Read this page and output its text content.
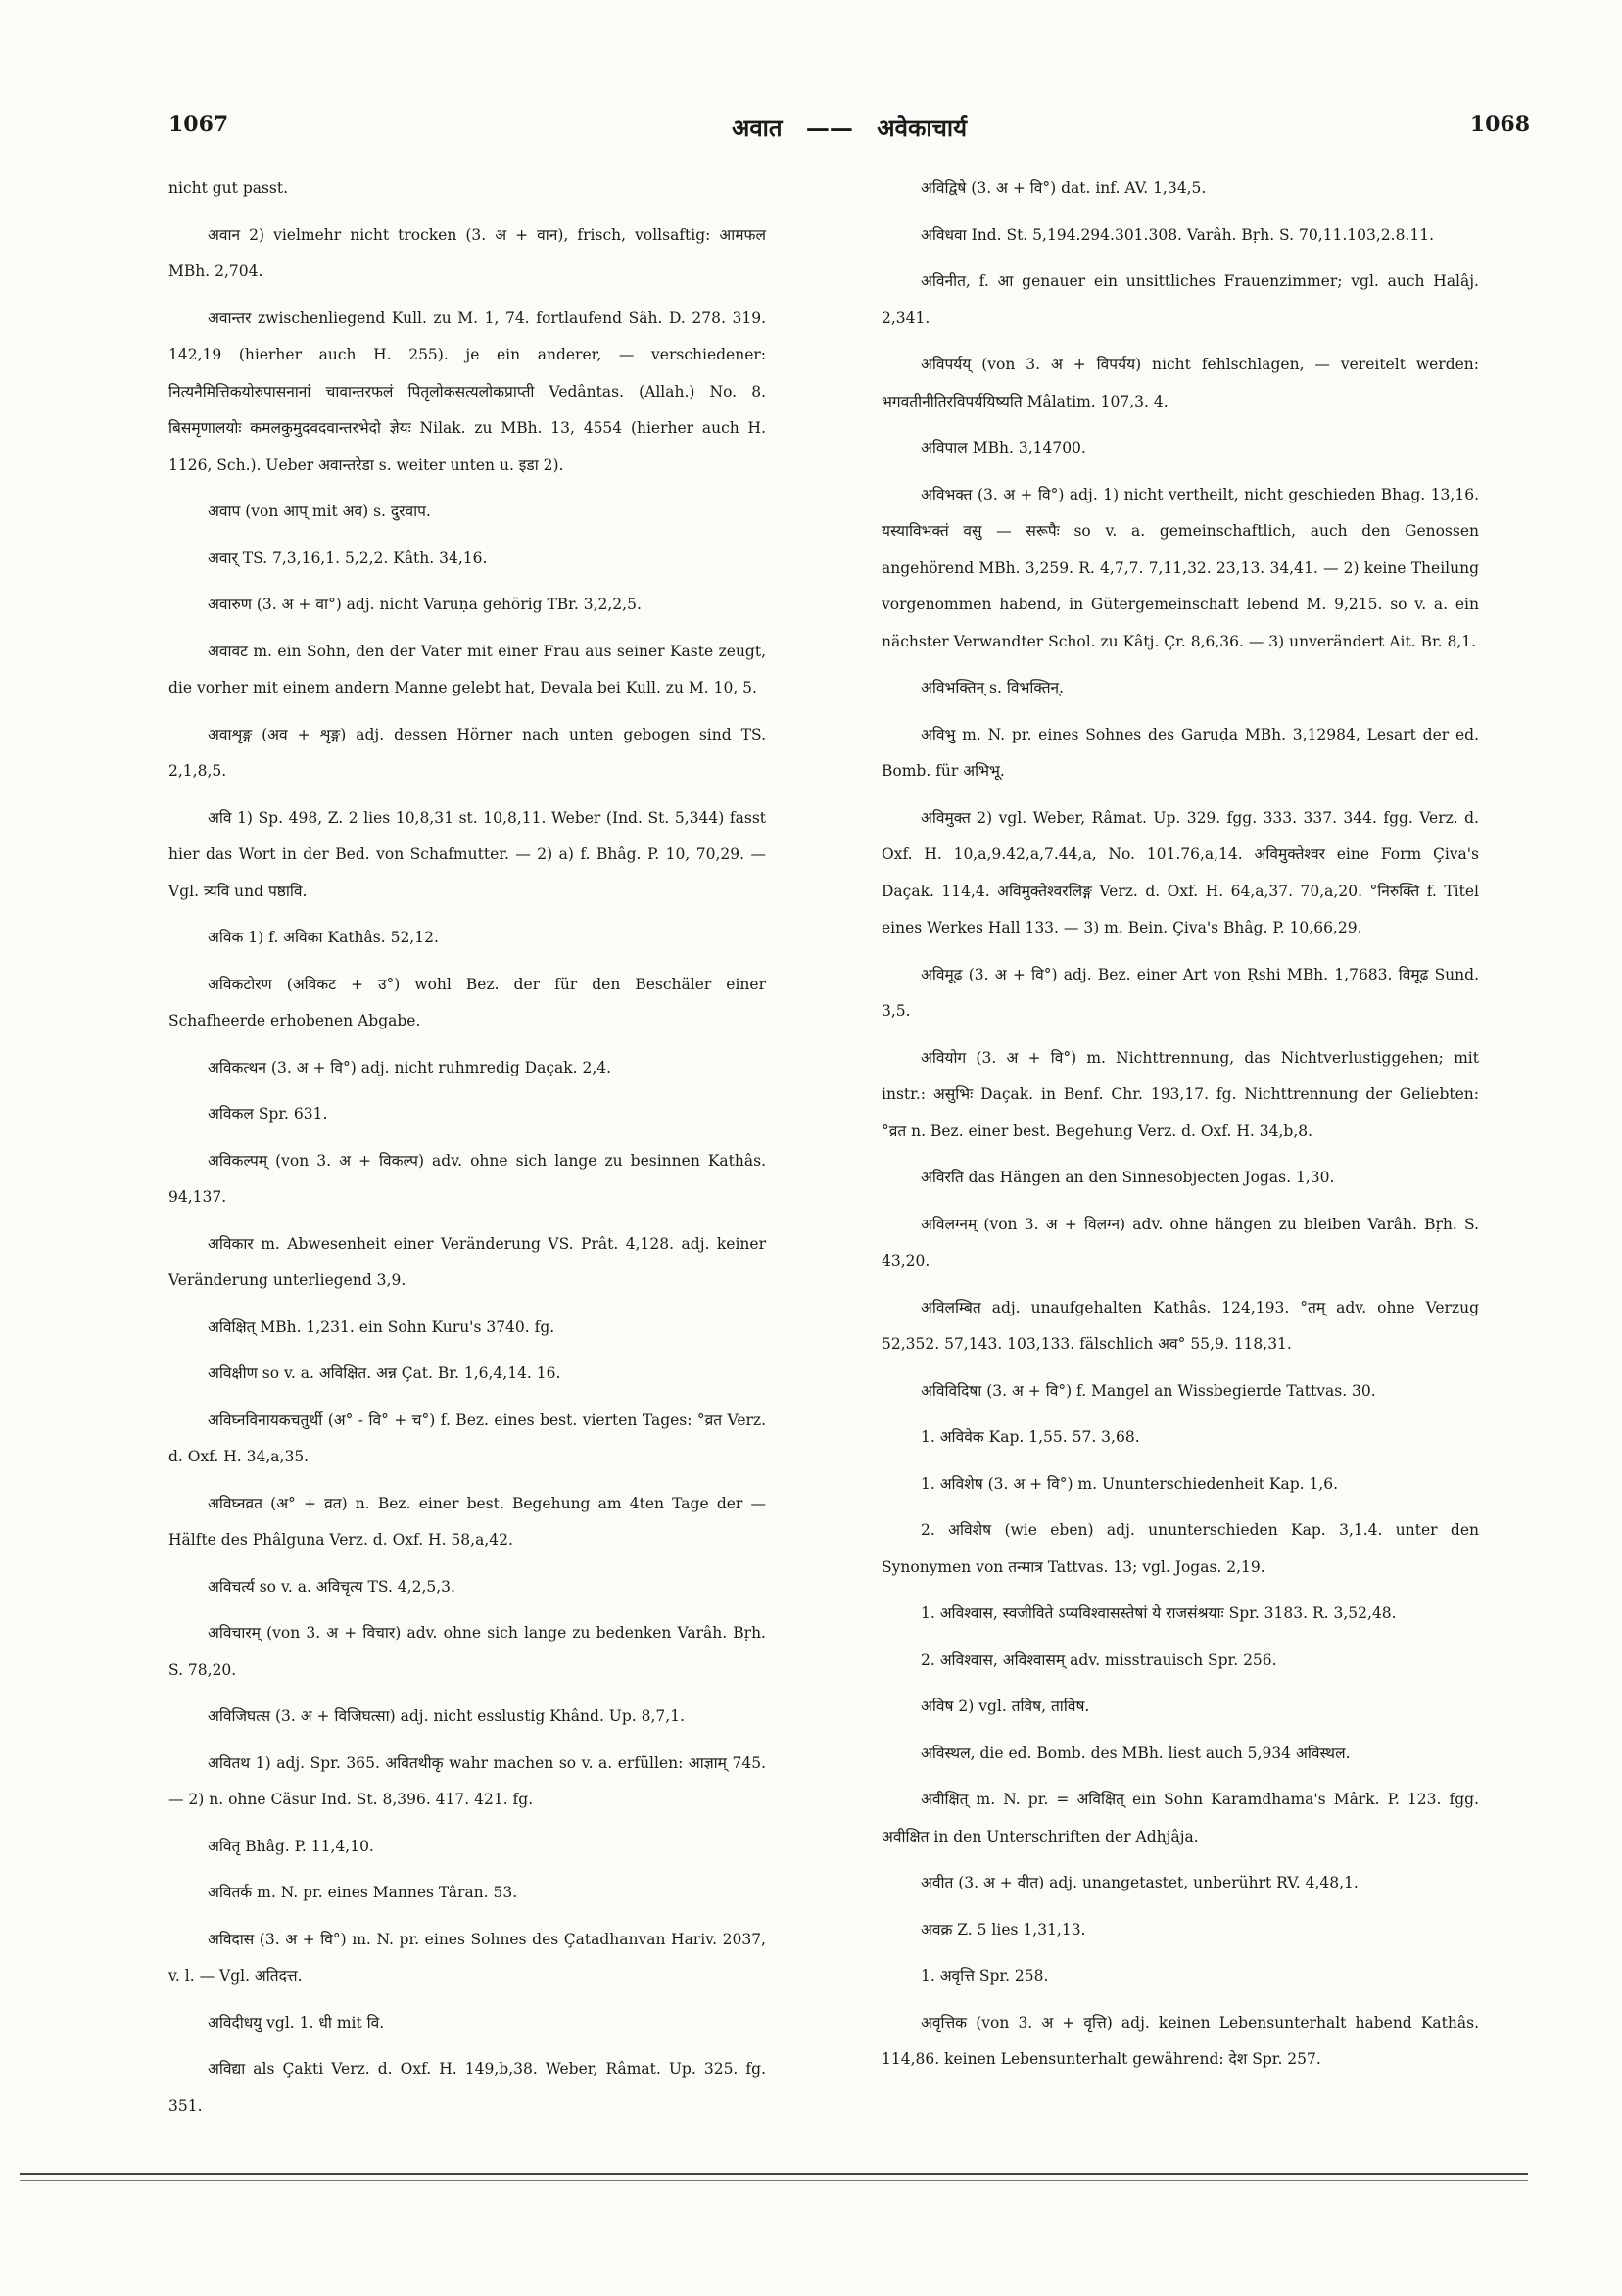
1067	अवात —— अवेकाचार्य	1068

nicht gut passt.

अवान 2) vielmehr nicht trocken (3. अ + वान), frisch, vollsaftig: आमफल MBh. 2,704.

अवान्तर zwischenliegend Kull. zu M. 1, 74. fortlaufend Sâh. D. 278. 319. 142,19 (hierher auch H. 255). je ein anderer, — verschiedener: नित्यनैमित्तिकयोरुपासनानां चावान्तरफलं पितृलोकसत्यलोकप्राप्ती Vedântas. (Allah.) No. 8. बिसमृणालयोः कमलकुमुदवदवान्तरभेदो ज्ञेयः Nilak. zu MBh. 13, 4554 (hierher auch H. 1126, Sch.). Ueber अवान्तरेडा s. weiter unten u. इडा 2).

अवाप (von आप् mit अव) s. दुरवाप.

अवार् TS. 7,3,16,1. 5,2,2. Kâth. 34,16.

अवारुण (3. अ + वा°) adj. nicht Varuṇa gehörig TBr. 3,2,2,5.

अवावट m. ein Sohn, den der Vater mit einer Frau aus seiner Kaste zeugt, die vorher mit einem andern Manne gelebt hat, Devala bei Kull. zu M. 10, 5.

अवाशृङ्ग (अव + शृङ्ग) adj. dessen Hörner nach unten gebogen sind TS. 2,1,8,5.

अवि 1) Sp. 498, Z. 2 lies 10,8,31 st. 10,8,11. Weber (Ind. St. 5,344) fasst hier das Wort in der Bed. von Schafmutter. — 2) a) f. Bhâg. P. 10, 70,29. — Vgl. त्र्यवि und पष्ठावि.

अविक 1) f. अविका Kathâs. 52,12.

अविकटोरण (अविकट + उ°) wohl Bez. der für den Beschäler einer Schafheerde erhobenen Abgabe.

अविकत्थन (3. अ + वि°) adj. nicht ruhmredig Daçak. 2,4.

अविकल Spr. 631.

अविकल्पम् (von 3. अ + विकल्प) adv. ohne sich lange zu besinnen Kathâs. 94,137.

अविकार m. Abwesenheit einer Veränderung VS. Prât. 4,128. adj. keiner Veränderung unterliegend 3,9.

अविक्षित् MBh. 1,231. ein Sohn Kuru's 3740. fg.

अविक्षीण so v. a. अविक्षित. अन्न Çat. Br. 1,6,4,14. 16.

अविघ्नविनायकचतुर्थी (अ° - वि° + च°) f. Bez. eines best. vierten Tages: °व्रत Verz. d. Oxf. H. 34,a,35.

अविघ्नव्रत (अ° + व्रत) n. Bez. einer best. Begehung am 4ten Tage der — Hälfte des Phâlguna Verz. d. Oxf. H. 58,a,42.

अविचर्त्य so v. a. अविचृत्य TS. 4,2,5,3.

अविचारम् (von 3. अ + विचार) adv. ohne sich lange zu bedenken Varâh. Bṛh. S. 78,20.

अविजिघत्स (3. अ + विजिघत्सा) adj. nicht esslustig Khând. Up. 8,7,1.

अवितथ 1) adj. Spr. 365. अवितथीकृ wahr machen so v. a. erfüllen: आज्ञाम् 745. — 2) n. ohne Cäsur Ind. St. 8,396. 417. 421. fg.

अवितृ Bhâg. P. 11,4,10.

अवितर्क m. N. pr. eines Mannes Târan. 53.

अविदास (3. अ + वि°) m. N. pr. eines Sohnes des Çatadhanvan Hariv. 2037, v. l. — Vgl. अतिदत्त.

अविदीधयु vgl. 1. धी mit वि.

अविद्या als Çakti Verz. d. Oxf. H. 149,b,38. Weber, Râmat. Up. 325. fg. 351.

अविद्विषे (3. अ + वि°) dat. inf. AV. 1,34,5.

अविधवा Ind. St. 5,194.294.301.308. Varâh. Bṛh. S. 70,11.103,2.8.11.

अविनीत, f. आ genauer ein unsittliches Frauenzimmer; vgl. auch Halâj. 2,341.

अविपर्यय् (von 3. अ + विपर्यय) nicht fehlschlagen, — vereitelt werden: भगवतीनीतिरविपर्ययिष्यति Mâlatim. 107,3. 4.

अविपाल MBh. 3,14700.

अविभक्त (3. अ + वि°) adj. 1) nicht vertheilt, nicht geschieden Bhag. 13,16. यस्याविभक्तं वसु — सरूपैः so v. a. gemeinschaftlich, auch den Genossen angehörend MBh. 3,259. R. 4,7,7. 7,11,32. 23,13. 34,41. — 2) keine Theilung vorgenommen habend, in Gütergemeinschaft lebend M. 9,215. so v. a. ein nächster Verwandter Schol. zu Kâtj. Çr. 8,6,36. — 3) unverändert Ait. Br. 8,1.

अविभक्तिन् s. विभक्तिन्.

अविभु m. N. pr. eines Sohnes des Garuḍa MBh. 3,12984, Lesart der ed. Bomb. für अभिभू.

अविमुक्त 2) vgl. Weber, Râmat. Up. 329. fgg. 333. 337. 344. fgg. Verz. d. Oxf. H. 10,a,9.42,a,7.44,a, No. 101.76,a,14. अविमुक्तेश्वर eine Form Çiva's Daçak. 114,4. अविमुक्तेश्वरलिङ्ग Verz. d. Oxf. H. 64,a,37. 70,a,20. °निरुक्ति f. Titel eines Werkes Hall 133. — 3) m. Bein. Çiva's Bhâg. P. 10,66,29.

अविमूढ (3. अ + वि°) adj. Bez. einer Art von Ṛshi MBh. 1,7683. विमूढ Sund. 3,5.

अवियोग (3. अ + वि°) m. Nichttrennung, das Nichtverlustiggehen; mit instr.: असुभिः Daçak. in Benf. Chr. 193,17. fg. Nichttrennung der Geliebten: °व्रत n. Bez. einer best. Begehung Verz. d. Oxf. H. 34,b,8.

अविरति das Hängen an den Sinnesobjecten Jogas. 1,30.

अविलग्नम् (von 3. अ + विलग्न) adv. ohne hängen zu bleiben Varâh. Bṛh. S. 43,20.

अविलम्बित adj. unaufgehalten Kathâs. 124,193. °तम् adv. ohne Verzug 52,352. 57,143. 103,133. fälschlich अव° 55,9. 118,31.

अविविदिषा (3. अ + वि°) f. Mangel an Wissbegierde Tattvas. 30.

1. अविवेक Kap. 1,55. 57. 3,68.

1. अविशेष (3. अ + वि°) m. Ununterschiedenheit Kap. 1,6.

2. अविशेष (wie eben) adj. ununterschieden Kap. 3,1.4. unter den Synonymen von तन्मात्र Tattvas. 13; vgl. Jogas. 2,19.

1. अविश्वास, स्वजीविते ऽप्यविश्वासस्तेषां ये राजसंश्रयाः Spr. 3183. R. 3,52,48.

2. अविश्वास, अविश्वासम् adv. misstrauisch Spr. 256.

अविष 2) vgl. तविष, ताविष.

अविस्थल, die ed. Bomb. des MBh. liest auch 5,934 अविस्थल.

अवीक्षित् m. N. pr. = अविक्षित् ein Sohn Karamdhama's Mârk. P. 123. fgg. अवीक्षित in den Unterschriften der Adhjâja.

अवीत (3. अ + वीत) adj. unangetastet, unberührt RV. 4,48,1.

अवक्र Z. 5 lies 1,31,13.

1. अवृत्ति Spr. 258.

अवृत्तिक (von 3. अ + वृत्ति) adj. keinen Lebensunterhalt habend Kathâs. 114,86. keinen Lebensunterhalt gewährend: देश Spr. 257.
